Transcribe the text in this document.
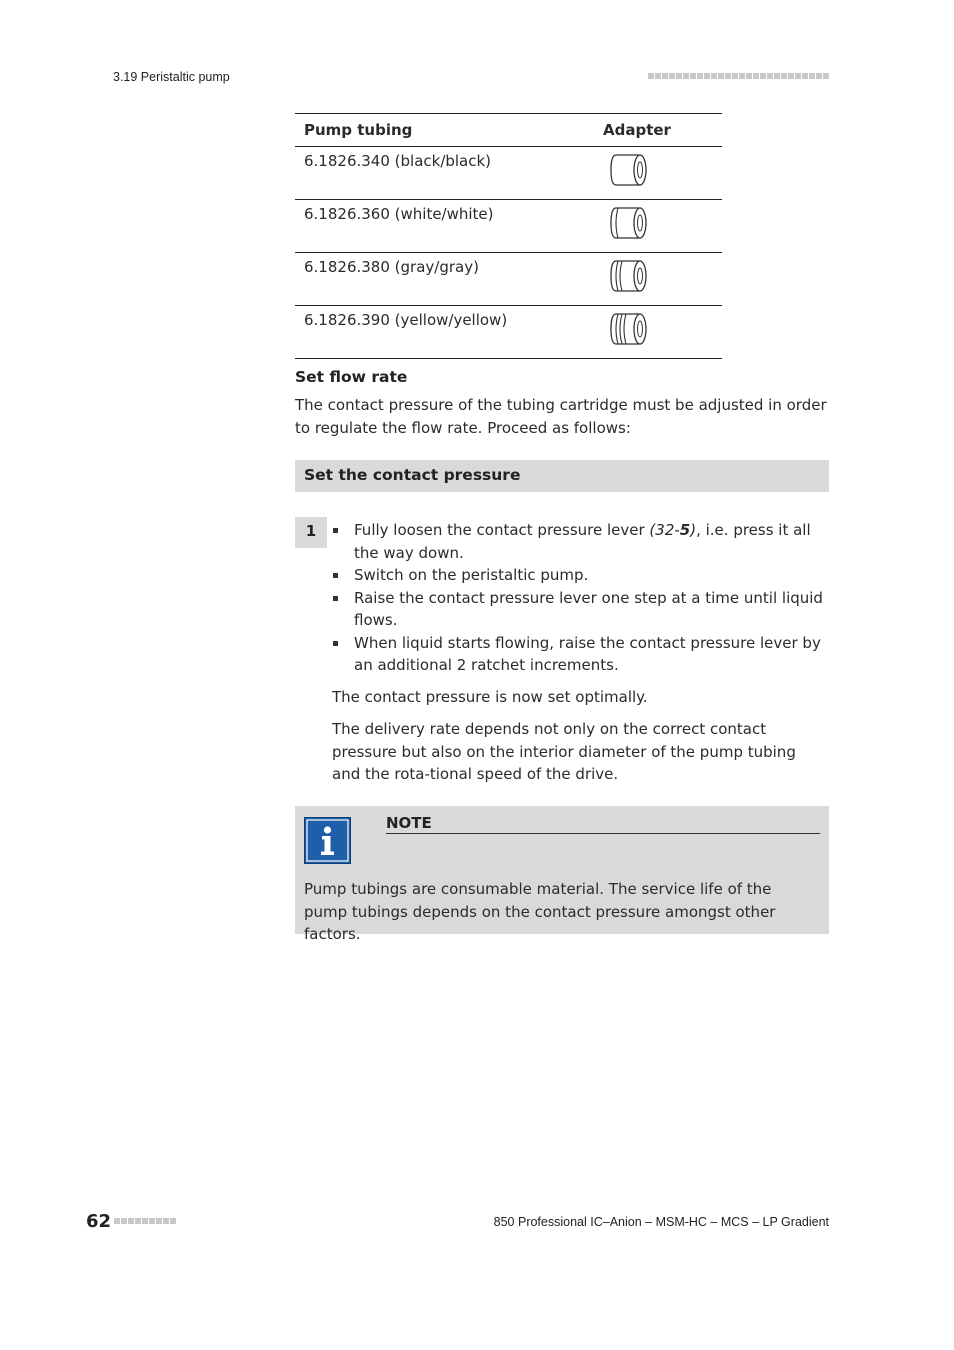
3.19 Peristaltic pump
Pump tubing	Adapter
6.1826.340 (black/black)	
6.1826.360 (white/white)	
6.1826.380 (gray/gray)	
6.1826.390 (yellow/yellow)	
Set flow rate
The contact pressure of the tubing cartridge must be adjusted in order to regulate the flow rate. Proceed as follows:
Set the contact pressure
1	Fully loosen the contact pressure lever (32-5), i.e. press it all the way down.
Switch on the peristaltic pump.
Raise the contact pressure lever one step at a time until liquid flows.
When liquid starts flowing, raise the contact pressure lever by an additional 2 ratchet increments.
The contact pressure is now set optimally.
The delivery rate depends not only on the correct contact pressure but also on the interior diameter of the pump tubing and the rota-tional speed of the drive.
NOTE
Pump tubings are consumable material. The service life of the pump tubings depends on the contact pressure amongst other factors.
62	850 Professional IC–Anion – MSM-HC – MCS – LP Gradient
